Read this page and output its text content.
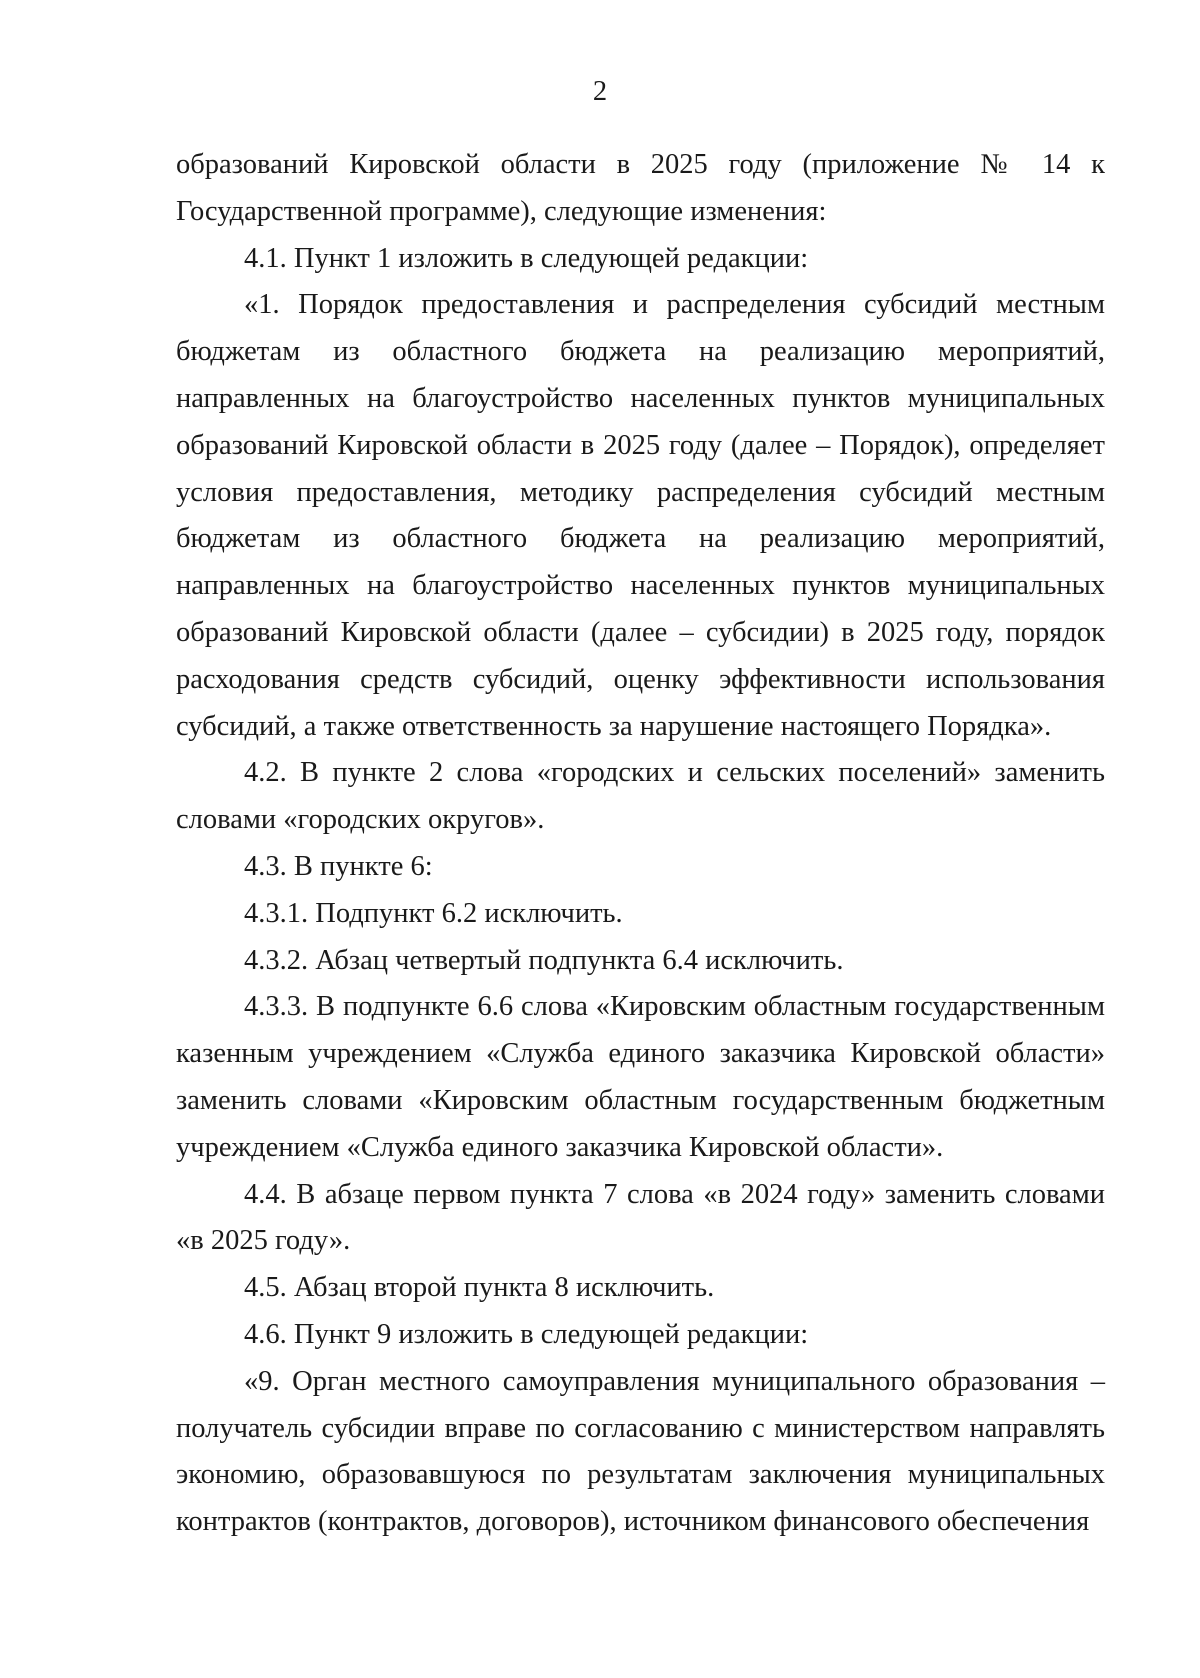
2

образований Кировской области в 2025 году (приложение № 14 к Государственной программе), следующие изменения:

4.1. Пункт 1 изложить в следующей редакции:

«1. Порядок предоставления и распределения субсидий местным бюджетам из областного бюджета на реализацию мероприятий, направленных на благоустройство населенных пунктов муниципальных образований Кировской области в 2025 году (далее – Порядок), определяет условия предоставления, методику распределения субсидий местным бюджетам из областного бюджета на реализацию мероприятий, направленных на благоустройство населенных пунктов муниципальных образований Кировской области (далее – субсидии) в 2025 году, порядок расходования средств субсидий, оценку эффективности использования субсидий, а также ответственность за нарушение настоящего Порядка».

4.2. В пункте 2 слова «городских и сельских поселений» заменить словами «городских округов».

4.3. В пункте 6:

4.3.1. Подпункт 6.2 исключить.

4.3.2. Абзац четвертый подпункта 6.4 исключить.

4.3.3. В подпункте 6.6 слова «Кировским областным государственным казенным учреждением «Служба единого заказчика Кировской области» заменить словами «Кировским областным государственным бюджетным учреждением «Служба единого заказчика Кировской области».

4.4. В абзаце первом пункта 7 слова «в 2024 году» заменить словами «в 2025 году».

4.5. Абзац второй пункта 8 исключить.

4.6. Пункт 9 изложить в следующей редакции:

«9. Орган местного самоуправления муниципального образования – получатель субсидии вправе по согласованию с министерством направлять экономию, образовавшуюся по результатам заключения муниципальных контрактов (контрактов, договоров), источником финансового обеспечения
